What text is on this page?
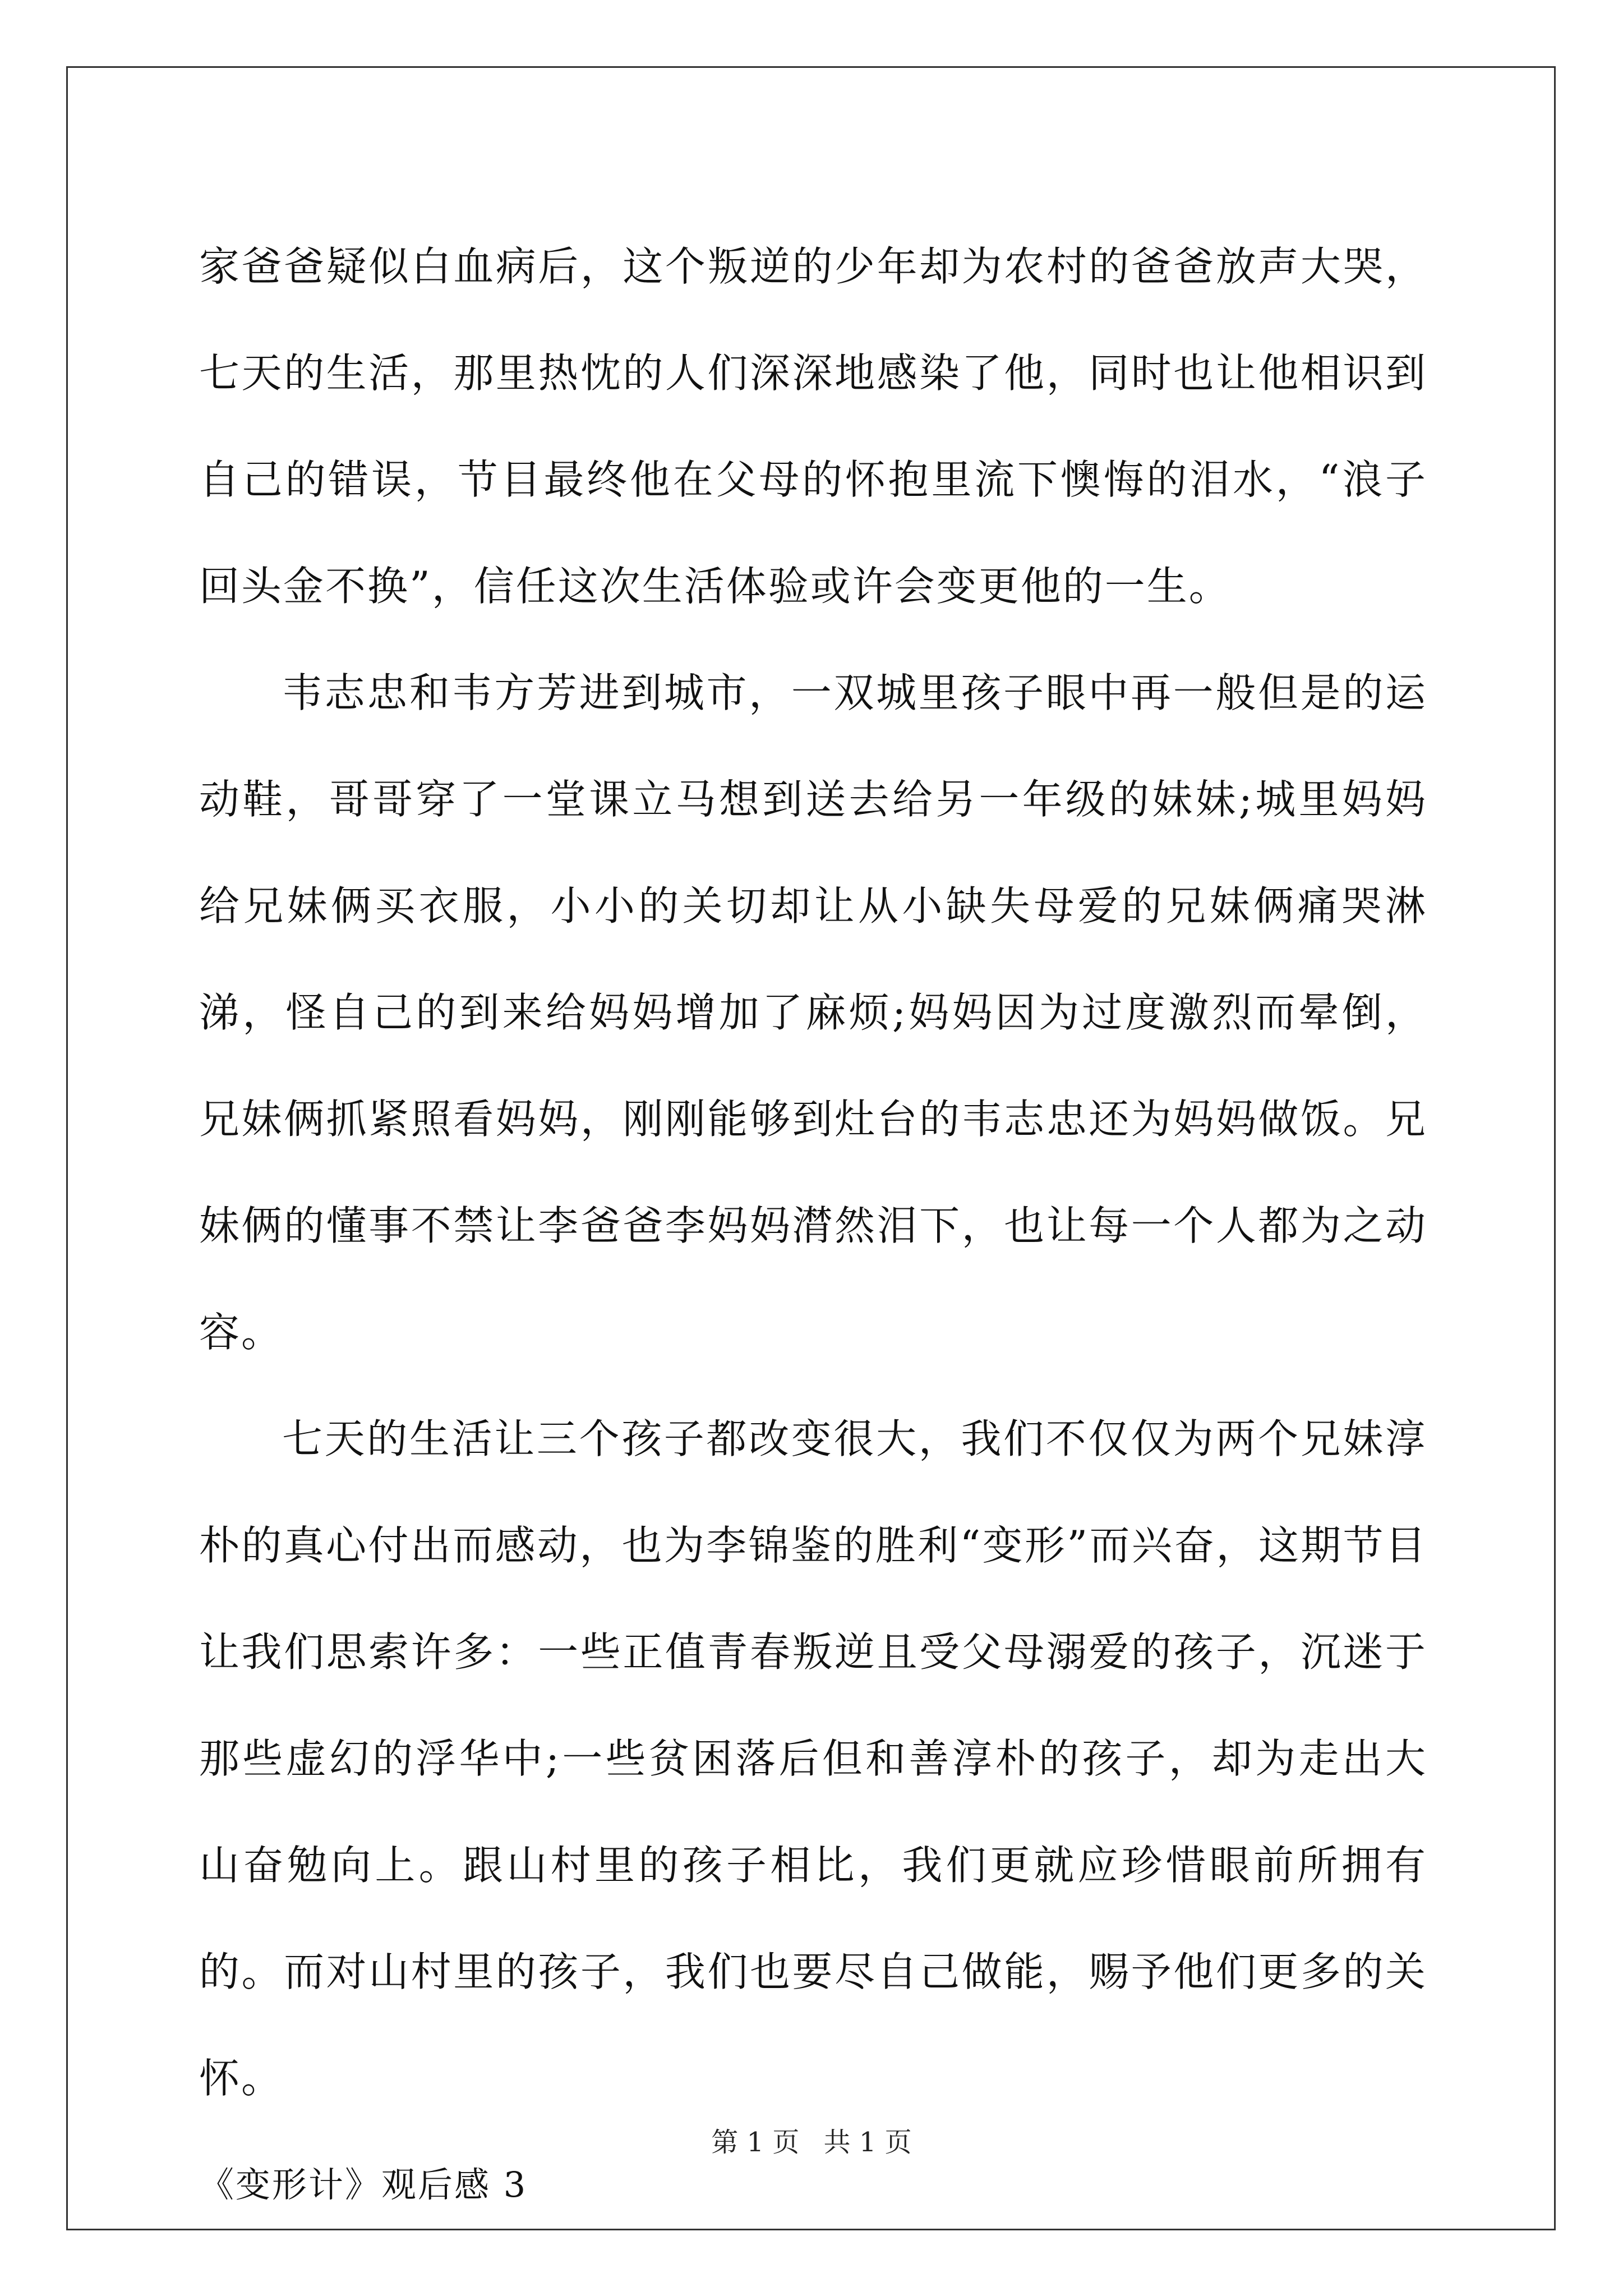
家爸爸疑似白血病后，这个叛逆的少年却为农村的爸爸放声大哭，七天的生活，那里热忱的人们深深地感染了他，同时也让他相识到自己的错误，节目最终他在父母的怀抱里流下懊悔的泪水，“浪子回头金不换”，信任这次生活体验或许会变更他的一生。

韦志忠和韦方芳进到城市，一双城里孩子眼中再一般但是的运动鞋，哥哥穿了一堂课立马想到送去给另一年级的妹妹;城里妈妈给兄妹俩买衣服，小小的关切却让从小缺失母爱的兄妹俩痛哭淋涕，怪自己的到来给妈妈增加了麻烦;妈妈因为过度激烈而晕倒，兄妹俩抓紧照看妈妈，刚刚能够到灶台的韦志忠还为妈妈做饭。兄妹俩的懂事不禁让李爸爸李妈妈潸然泪下，也让每一个人都为之动容。

七天的生活让三个孩子都改变很大，我们不仅仅为两个兄妹淳朴的真心付出而感动，也为李锦鉴的胜利“变形”而兴奋，这期节目让我们思索许多：一些正值青春叛逆且受父母溺爱的孩子，沉迷于那些虚幻的浮华中;一些贫困落后但和善淳朴的孩子，却为走出大山奋勉向上。跟山村里的孩子相比，我们更就应珍惜眼前所拥有的。而对山村里的孩子，我们也要尽自己做能，赐予他们更多的关怀。

《变形计》观后感 3

第 1 页 共 1 页
